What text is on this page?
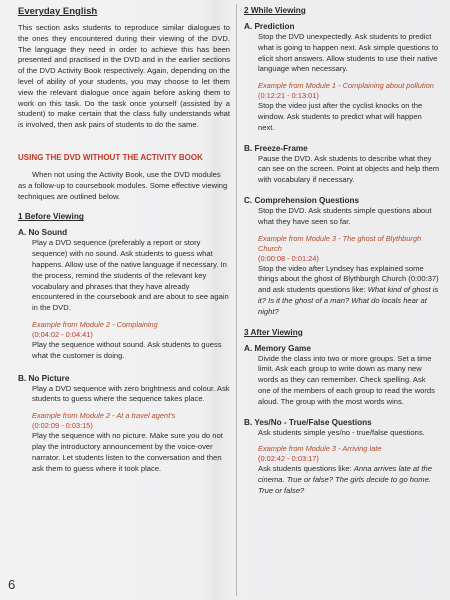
Everyday English

This section asks students to reproduce similar dialogues to the ones they encountered during their viewing of the DVD. The language they need in order to achieve this has been presented and practised in the DVD and in the earlier sections of the DVD Activity Book respectively. Again, depending on the level of ability of your students, you may choose to let them view the relevant dialogue once again before asking them to work on this task. Do the task once yourself (assisted by a student) to make certain that the class fully understands what is involved, then ask pairs of students to do the same.

USING THE DVD WITHOUT THE ACTIVITY BOOK

When not using the Activity Book, use the DVD modules as a follow-up to coursebook modules. Some effective viewing techniques are outlined below.

1 Before Viewing

A. No Sound

Play a DVD sequence (preferably a report or story sequence) with no sound. Ask students to guess what happens. Allow use of the native language if necessary. In the process, remind the students of the relevant key vocabulary and phrases that they have already encountered in the coursebook and are about to see again in the DVD.

Example from Module 2 - Complaining

(0:04:02 - 0:04:41)

Play the sequence without sound. Ask students to guess what the customer is doing.

B. No Picture

Play a DVD sequence with zero brightness and colour. Ask students to guess where the sequence takes place.

Example from Module 2 - At a travel agent's

(0:02:09 - 0:03:15)

Play the sequence with no picture. Make sure you do not play the introductory announcement by the voice-over narrator. Let students listen to the conversation and then ask them to guess where it took place.

6

2 While Viewing

A. Prediction

Stop the DVD unexpectedly. Ask students to predict what is going to happen next. Ask simple questions to elicit short answers. Allow students to use their native language when necessary.

Example from Module 1 - Complaining about pollution

(0:12:21 - 0:13:01)

Stop the video just after the cyclist knocks on the window. Ask students to predict what will happen next.

B. Freeze-Frame

Pause the DVD. Ask students to describe what they can see on the screen. Point at objects and help them with vocabulary if necessary.

C. Comprehension Questions

Stop the DVD. Ask students simple questions about what they have seen so far.

Example from Module 3 - The ghost of Blythburgh Church

(0:00:08 - 0:01:24)

Stop the video after Lyndsey has explained some things about the ghost of Blythburgh Church (0:00:37) and ask students questions like: What kind of ghost is it? Is it the ghost of a man? What do locals hear at night?

3 After Viewing

A. Memory Game

Divide the class into two or more groups. Set a time limit. Ask each group to write down as many new words as they can remember. Check spelling. Ask one of the members of each group to read the words aloud. The group with the most words wins.

B. Yes/No - True/False Questions

Ask students simple yes/no - true/false questions.

Example from Module 3 - Arriving late

(0:02:42 - 0:03:17)

Ask students questions like: Anna arrives late at the cinema. True or false? The girls decide to go home. True or false?
